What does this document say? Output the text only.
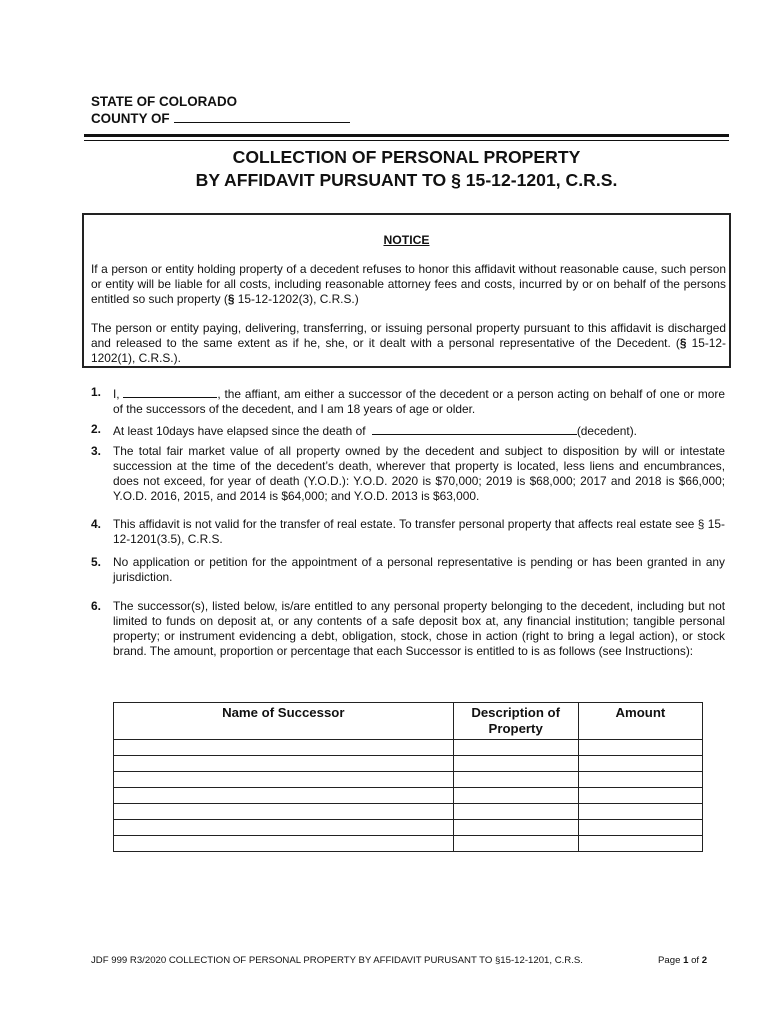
STATE OF COLORADO
COUNTY OF
COLLECTION OF PERSONAL PROPERTY
BY AFFIDAVIT PURSUANT TO § 15-12-1201, C.R.S.
NOTICE
If a person or entity holding property of a decedent refuses to honor this affidavit without reasonable cause, such person or entity will be liable for all costs, including reasonable attorney fees and costs, incurred by or on behalf of the persons entitled so such property (§ 15-12-1202(3), C.R.S.)
The person or entity paying, delivering, transferring, or issuing personal property pursuant to this affidavit is discharged and released to the same extent as if he, she, or it dealt with a personal representative of the Decedent. (§ 15-12-1202(1), C.R.S.).
1. I,	, the affiant, am either a successor of the decedent or a person acting on behalf of one or more of the successors of the decedent, and I am 18 years of age or older.
2. At least 10days have elapsed since the death of	(decedent).
3. The total fair market value of all property owned by the decedent and subject to disposition by will or intestate succession at the time of the decedent’s death, wherever that property is located, less liens and encumbrances, does not exceed, for year of death (Y.O.D.): Y.O.D. 2020 is $70,000; 2019 is $68,000; 2017 and 2018 is $66,000; Y.O.D. 2016, 2015, and 2014 is $64,000; and Y.O.D. 2013 is $63,000.
4. This affidavit is not valid for the transfer of real estate. To transfer personal property that affects real estate see § 15-12-1201(3.5), C.R.S.
5. No application or petition for the appointment of a personal representative is pending or has been granted in any jurisdiction.
6. The successor(s), listed below, is/are entitled to any personal property belonging to the decedent, including but not limited to funds on deposit at, or any contents of a safe deposit box at, any financial institution; tangible personal property; or instrument evidencing a debt, obligation, stock, chose in action (right to bring a legal action), or stock brand. The amount, proportion or percentage that each Successor is entitled to is as follows (see Instructions):
Name of Successor	Description of Property	Amount

JDF 999 R3/2020 COLLECTION OF PERSONAL PROPERTY BY AFFIDAVIT PURUSANT TO §15-12-1201, C.R.S.	Page 1 of 2
